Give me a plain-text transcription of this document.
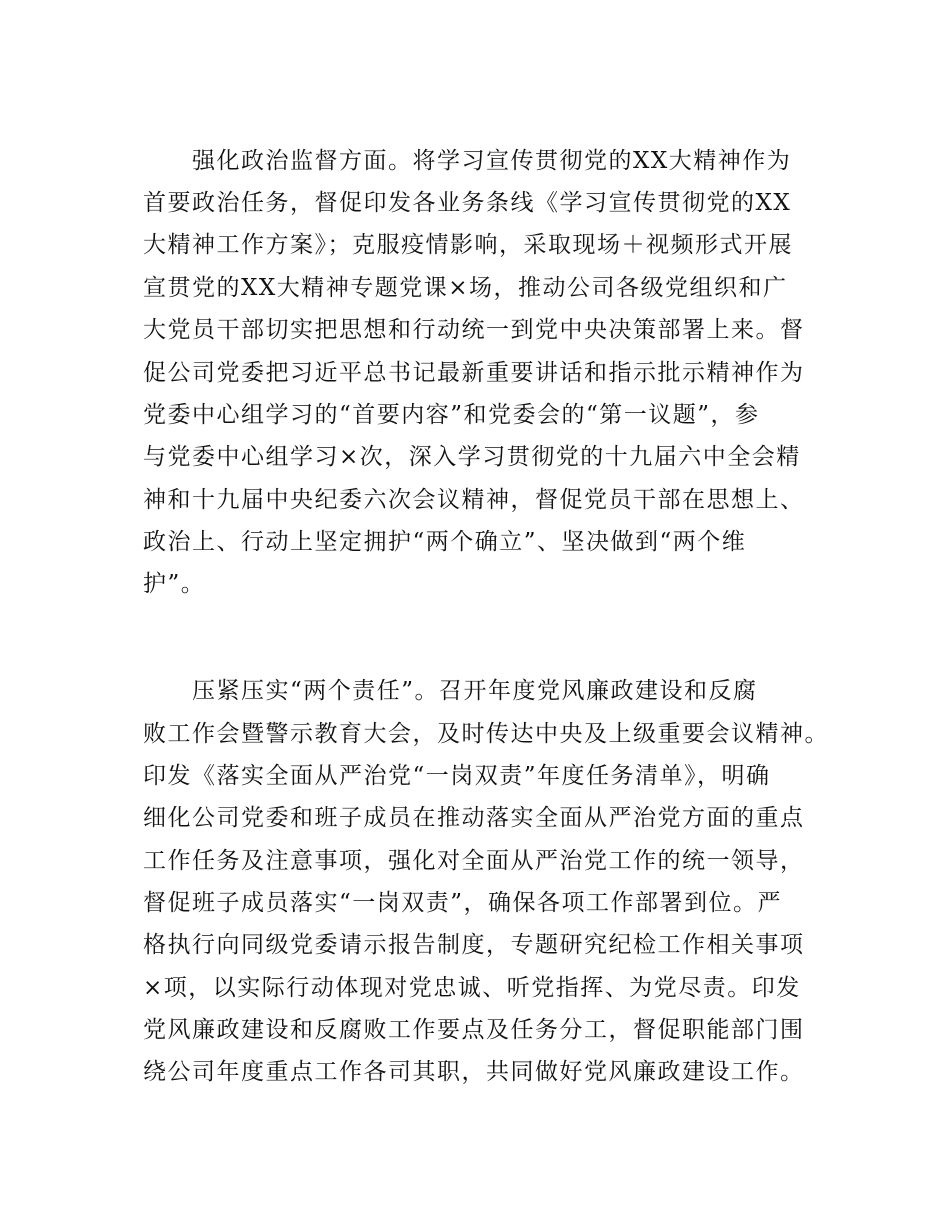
强化政治监督方面。将学习宣传贯彻党的XX大精神作为
首要政治任务，督促印发各业务条线《学习宣传贯彻党的XX
大精神工作方案》；克服疫情影响，采取现场＋视频形式开展
宣贯党的XX大精神专题党课×场，推动公司各级党组织和广
大党员干部切实把思想和行动统一到党中央决策部署上来。督
促公司党委把习近平总书记最新重要讲话和指示批示精神作为
党委中心组学习的“首要内容”和党委会的“第一议题”，参
与党委中心组学习×次，深入学习贯彻党的十九届六中全会精
神和十九届中央纪委六次会议精神，督促党员干部在思想上、
政治上、行动上坚定拥护“两个确立”、坚决做到“两个维
护”。
压紧压实“两个责任”。召开年度党风廉政建设和反腐
败工作会暨警示教育大会，及时传达中央及上级重要会议精神。
印发《落实全面从严治党“一岗双责”年度任务清单》，明确
细化公司党委和班子成员在推动落实全面从严治党方面的重点
工作任务及注意事项，强化对全面从严治党工作的统一领导，
督促班子成员落实“一岗双责”，确保各项工作部署到位。严
格执行向同级党委请示报告制度，专题研究纪检工作相关事项
×项，以实际行动体现对党忠诚、听党指挥、为党尽责。印发
党风廉政建设和反腐败工作要点及任务分工，督促职能部门围
绕公司年度重点工作各司其职，共同做好党风廉政建设工作。
